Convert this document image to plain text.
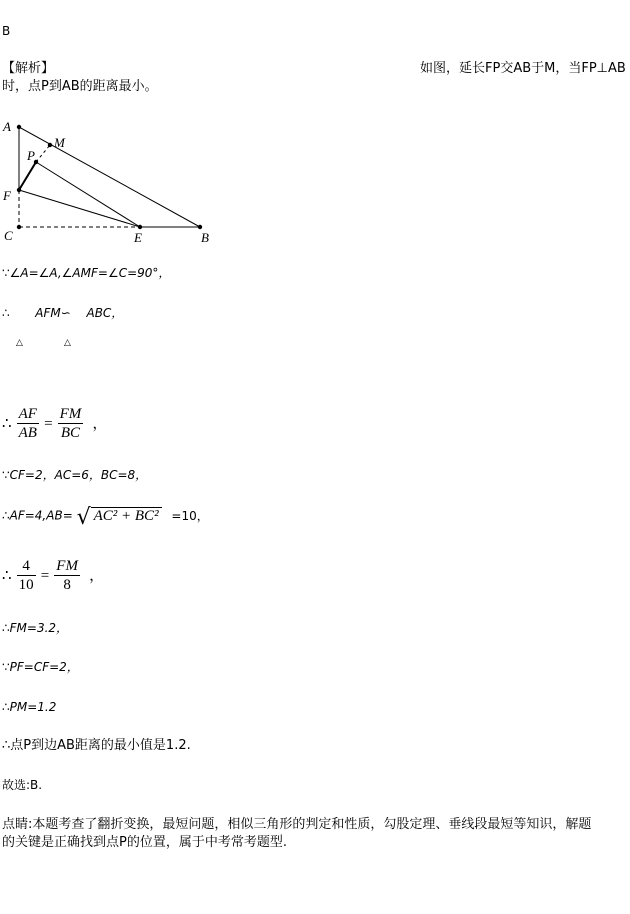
B
【解析】	如图，延长FP交AB于M，当FP⊥AB
时，点P到AB的距离最小。
A
M
P
F
C	E	B
∵∠A=∠A,∠AMF=∠C=90°，
∴ AFM∽ ABC，
△	△
∴ $\frac{AF}{AB} = \frac{FM}{BC}$ ，
∵CF=2，AC=6，BC=8，
∴AF=4,AB= √ AC² + BC² =10，
∴ $\frac{4}{10} = \frac{FM}{8}$ ，
∴FM=3.2，
∵PF=CF=2，
∴PM=1.2
∴点P到边AB距离的最小值是1.2.
故选:B.
点睛:本题考查了翻折变换，最短问题，相似三角形的判定和性质，勾股定理、垂线段最短等知识，解题
的关键是正确找到点P的位置，属于中考常考题型.
